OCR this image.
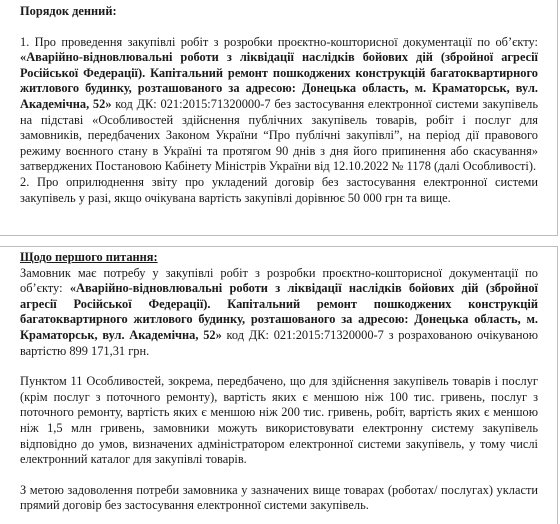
Порядок денний:

1. Про проведення закупівлі робіт з розробки проєктно-кошторисної документації по об’єкту: «Аварійно-відновлювальні роботи з ліквідації наслідків бойових дій (збройної агресії Російської Федерації). Капітальний ремонт пошкоджених конструкцій багатоквартирного житлового будинку, розташованого за адресою: Донецька область, м. Краматорськ, вул. Академічна, 52» код ДК: 021:2015:71320000-7 без застосування електронної системи закупівель на підставі «Особливостей здійснення публічних закупівель товарів, робіт і послуг для замовників, передбачених Законом України “Про публічні закупівлі”, на період дії правового режиму воєнного стану в Україні та протягом 90 днів з дня його припинення або скасування» затверджених Постановою Кабінету Міністрів України від 12.10.2022 № 1178 (далі Особливості).

2. Про оприлюднення звіту про укладений договір без застосування електронної системи закупівель у разі, якщо очікувана вартість закупівлі дорівнює 50 000 грн та вище.

Щодо першого питання:

Замовник має потребу у закупівлі робіт з розробки проєктно-кошторисної документації по об’єкту: «Аварійно-відновлювальні роботи з ліквідації наслідків бойових дій (збройної агресії Російської Федерації). Капітальний ремонт пошкоджених конструкцій багатоквартирного житлового будинку, розташованого за адресою: Донецька область, м. Краматорськ, вул. Академічна, 52» код ДК: 021:2015:71320000-7 з розрахованою очікуваною вартістю 899 171,31 грн.

Пунктом 11 Особливостей, зокрема, передбачено, що для здійснення закупівель товарів і послуг (крім послуг з поточного ремонту), вартість яких є меншою ніж 100 тис. гривень, послуг з поточного ремонту, вартість яких є меншою ніж 200 тис. гривень, робіт, вартість яких є меншою ніж 1,5 млн гривень, замовники можуть використовувати електронну систему закупівель відповідно до умов, визначених адміністратором електронної системи закупівель, у тому числі електронний каталог для закупівлі товарів.

З метою задоволення потреби замовника у зазначених вище товарах (роботах/ послугах) укласти прямий договір без застосування електронної системи закупівель.
